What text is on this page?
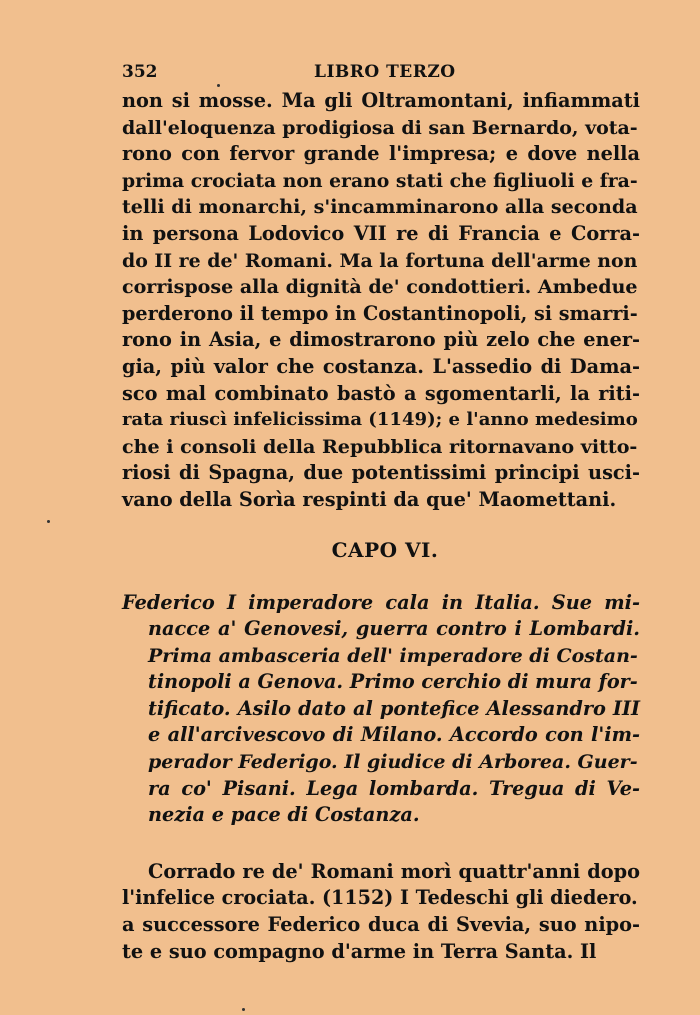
352	LIBRO TERZO
non si mosse. Ma gli Oltramontani, infiammati
dall'eloquenza prodigiosa di san Bernardo, vota-
rono con fervor grande l'impresa; e dove nella
prima crociata non erano stati che figliuoli e fra-
telli di monarchi, s'incamminarono alla seconda
in persona Lodovico VII re di Francia e Corra-
do II re de' Romani. Ma la fortuna dell'arme non
corrispose alla dignità de' condottieri. Ambedue
perderono il tempo in Costantinopoli, si smarri-
rono in Asia, e dimostrarono più zelo che ener-
gia, più valor che costanza. L'assedio di Dama-
sco mal combinato bastò a sgomentarli, la riti-
rata riuscì infelicissima (1149); e l'anno medesimo
che i consoli della Repubblica ritornavano vitto-
riosi di Spagna, due potentissimi principi usci-
vano della Sorìa respinti da que' Maomettani.
CAPO VI.
Federico I imperadore cala in Italia. Sue mi-
nacce a' Genovesi, guerra contro i Lombardi.
Prima ambasceria dell' imperadore di Costan-
tinopoli a Genova. Primo cerchio di mura for-
tificato. Asilo dato al pontefice Alessandro III
e all'arcivescovo di Milano. Accordo con l'im-
perador Federigo. Il giudice di Arborea. Guer-
ra co' Pisani. Lega lombarda. Tregua di Ve-
nezia e pace di Costanza.
Corrado re de' Romani morì quattr'anni dopo
l'infelice crociata. (1152) I Tedeschi gli diedero.
a successore Federico duca di Svevia, suo nipo-
te e suo compagno d'arme in Terra Santa. Il
